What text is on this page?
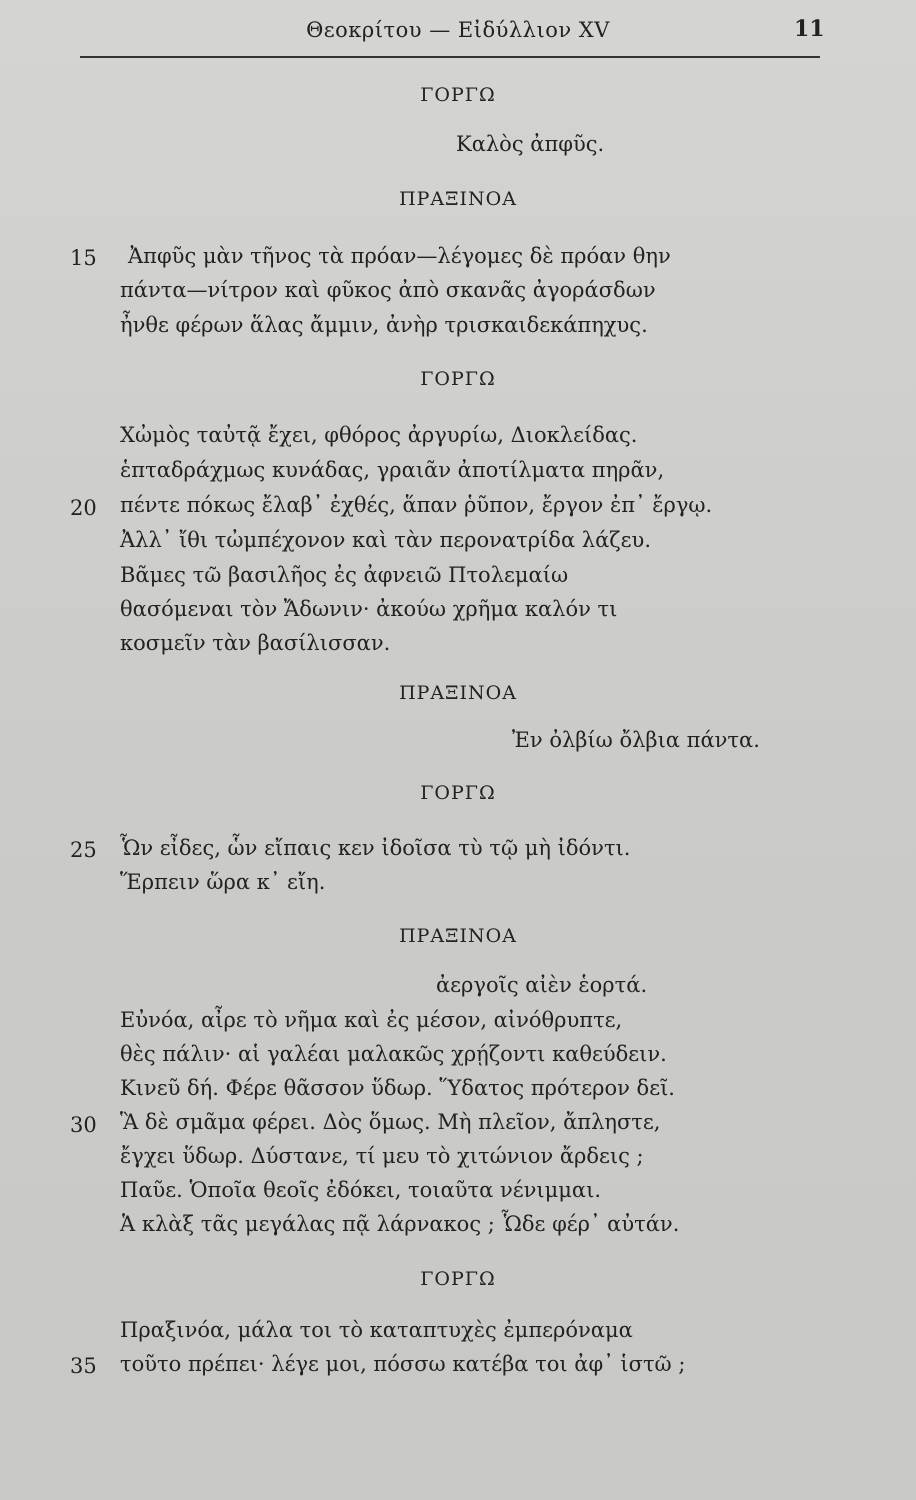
Θεοκρίτου — Εἰδύλλιον XV	11
ΓΟΡΓΩ
Καλὸς ἀπφῦς.
ΠΡΑΞΙΝΟΑ
15 Ἀπφῦς μὰν τῆνος τὰ πρόαν—λέγομες δὲ πρόαν θην
πάντα—νίτρον καὶ φῦκος ἀπὸ σκανᾶς ἀγοράσδων
ἦνθε φέρων ἅλας ἄμμιν, ἀνὴρ τρισκαιδεκάπηχυς.
ΓΟΡΓΩ
Χὠμὸς ταὐτᾷ ἔχει, φθόρος ἀργυρίω, Διοκλείδας.
ἑπταδράχμως κυνάδας, γραιᾶν ἀποτίλματα πηρᾶν,
20 πέντε πόκως ἔλαβ᾽ ἐχθές, ἅπαν ῥῦπον, ἔργον ἐπ᾽ ἔργῳ.
Ἀλλ᾽ ἴθι τὠμπέχονον καὶ τὰν περονατρίδα λάζευ.
Βᾶμες τῶ βασιλῆος ἐς ἀφνειῶ Πτολεμαίω
θασόμεναι τὸν Ἄδωνιν· ἀκούω χρῆμα καλόν τι
κοσμεῖν τὰν βασίλισσαν.
ΠΡΑΞΙΝΟΑ
Ἐν ὀλβίω ὄλβια πάντα.
ΓΟΡΓΩ
25 Ὧν εἶδες, ὧν εἴπαις κεν ἰδοῖσα τὺ τῷ μὴ ἰδόντι.
Ἕρπειν ὥρα κ᾽ εἴη.
ΠΡΑΞΙΝΟΑ
ἀεργοῖς αἰὲν ἑορτά.
Εὐνόα, αἶρε τὸ νῆμα καὶ ἐς μέσον, αἰνόθρυπτε,
θὲς πάλιν· αἱ γαλέαι μαλακῶς χρῄζοντι καθεύδειν.
Κινεῦ δή. Φέρε θᾶσσον ὕδωρ. Ὕδατος πρότερον δεῖ.
30 Ἃ δὲ σμᾶμα φέρει. Δὸς ὅμως. Μὴ πλεῖον, ἄπληστε,
ἔγχει ὕδωρ. Δύστανε, τί μευ τὸ χιτώνιον ἄρδεις ;
Παῦε. Ὁποῖα θεοῖς ἐδόκει, τοιαῦτα νένιμμαι.
Ἁ κλὰξ τᾶς μεγάλας πᾷ λάρνακος ; Ὧδε φέρ᾽ αὐτάν.
ΓΟΡΓΩ
Πραξινόα, μάλα τοι τὸ καταπτυχὲς ἐμπερόναμα
35 τοῦτο πρέπει· λέγε μοι, πόσσω κατέβα τοι ἀφ᾽ ἱστῶ ;
